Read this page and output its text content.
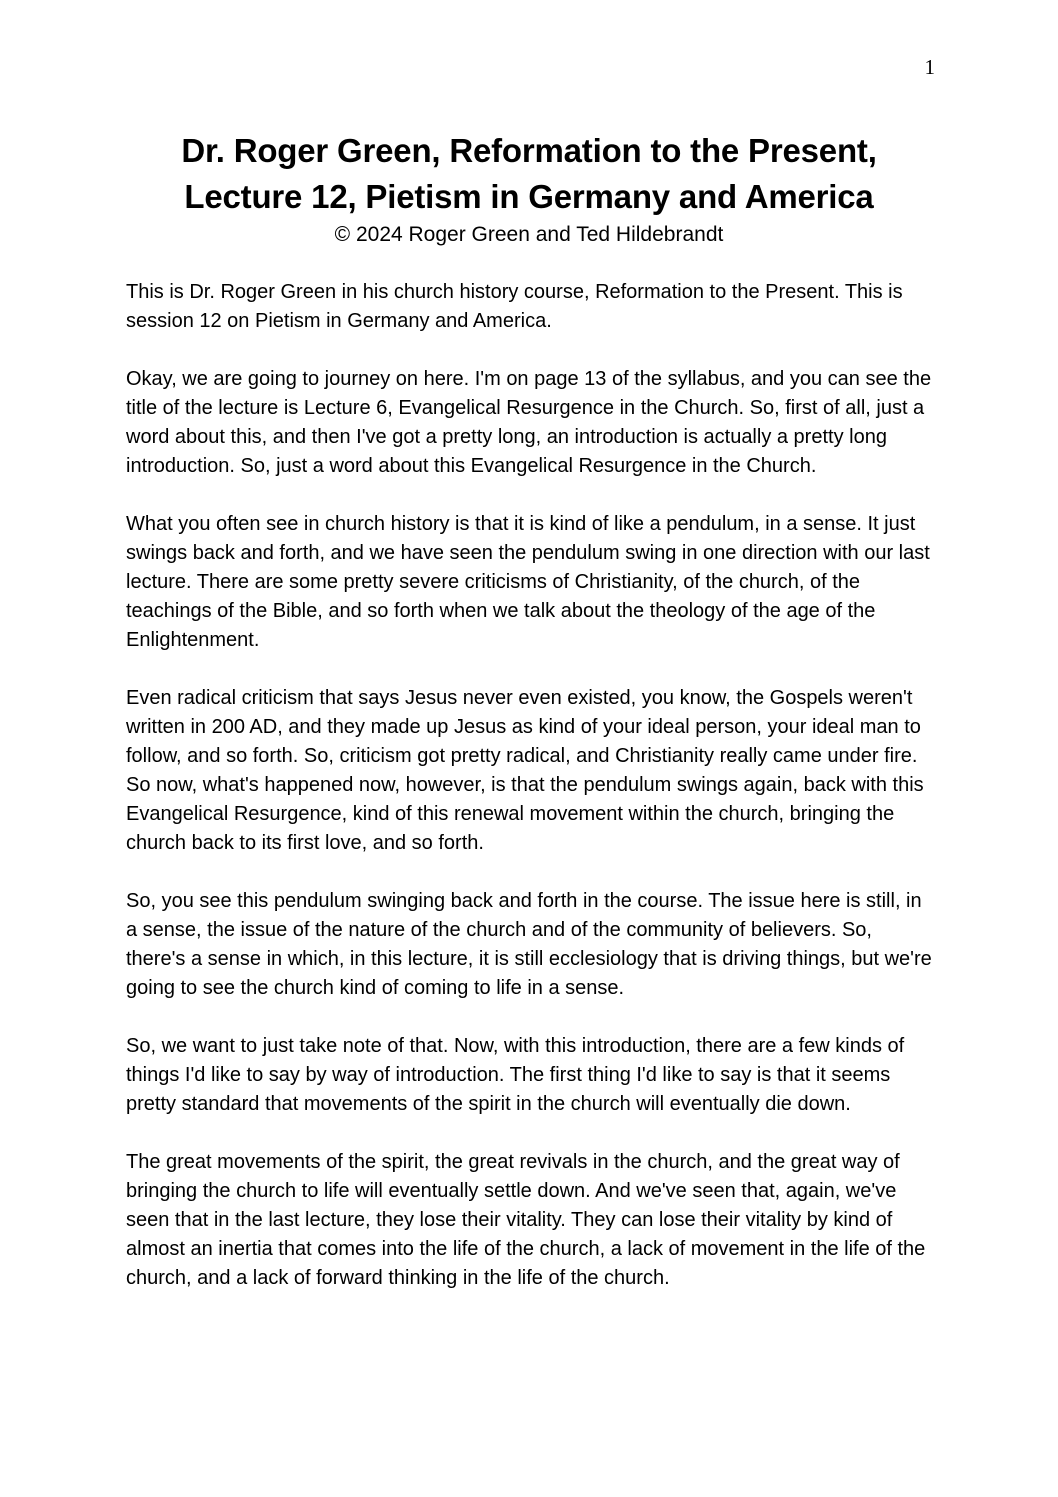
1
Dr. Roger Green, Reformation to the Present,
Lecture 12, Pietism in Germany and America
© 2024 Roger Green and Ted Hildebrandt

This is Dr. Roger Green in his church history course, Reformation to the Present. This is session 12 on Pietism in Germany and America.

Okay, we are going to journey on here. I'm on page 13 of the syllabus, and you can see the title of the lecture is Lecture 6, Evangelical Resurgence in the Church. So, first of all, just a word about this, and then I've got a pretty long, an introduction is actually a pretty long introduction. So, just a word about this Evangelical Resurgence in the Church.

What you often see in church history is that it is kind of like a pendulum, in a sense. It just swings back and forth, and we have seen the pendulum swing in one direction with our last lecture. There are some pretty severe criticisms of Christianity, of the church, of the teachings of the Bible, and so forth when we talk about the theology of the age of the Enlightenment.

Even radical criticism that says Jesus never even existed, you know, the Gospels weren't written in 200 AD, and they made up Jesus as kind of your ideal person, your ideal man to follow, and so forth. So, criticism got pretty radical, and Christianity really came under fire. So now, what's happened now, however, is that the pendulum swings again, back with this Evangelical Resurgence, kind of this renewal movement within the church, bringing the church back to its first love, and so forth.

So, you see this pendulum swinging back and forth in the course. The issue here is still, in a sense, the issue of the nature of the church and of the community of believers. So, there's a sense in which, in this lecture, it is still ecclesiology that is driving things, but we're going to see the church kind of coming to life in a sense.

So, we want to just take note of that. Now, with this introduction, there are a few kinds of things I'd like to say by way of introduction. The first thing I'd like to say is that it seems pretty standard that movements of the spirit in the church will eventually die down.

The great movements of the spirit, the great revivals in the church, and the great way of bringing the church to life will eventually settle down. And we've seen that, again, we've seen that in the last lecture, they lose their vitality. They can lose their vitality by kind of almost an inertia that comes into the life of the church, a lack of movement in the life of the church, and a lack of forward thinking in the life of the church.
